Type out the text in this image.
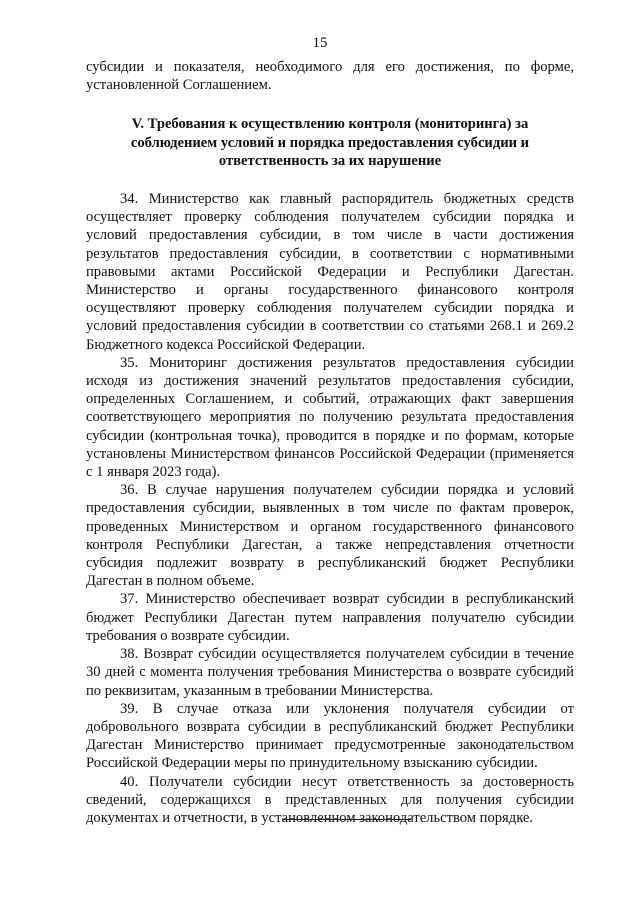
15

субсидии и показателя, необходимого для его достижения, по форме, установленной Соглашением.

V. Требования к осуществлению контроля (мониторинга) за
соблюдением условий и порядка предоставления субсидии и
ответственность за их нарушение

34. Министерство как главный распорядитель бюджетных средств осуществляет проверку соблюдения получателем субсидии порядка и условий предоставления субсидии, в том числе в части достижения результатов предоставления субсидии, в соответствии с нормативными правовыми актами Российской Федерации и Республики Дагестан. Министерство и органы государственного финансового контроля осуществляют проверку соблюдения получателем субсидии порядка и условий предоставления субсидии в соответствии со статьями 268.1 и 269.2 Бюджетного кодекса Российской Федерации.

35. Мониторинг достижения результатов предоставления субсидии исходя из достижения значений результатов предоставления субсидии, определенных Соглашением, и событий, отражающих факт завершения соответствующего мероприятия по получению результата предоставления субсидии (контрольная точка), проводится в порядке и по формам, которые установлены Министерством финансов Российской Федерации (применяется с 1 января 2023 года).

36. В случае нарушения получателем субсидии порядка и условий предоставления субсидии, выявленных в том числе по фактам проверок, проведенных Министерством и органом государственного финансового контроля Республики Дагестан, а также непредставления отчетности субсидия подлежит возврату в республиканский бюджет Республики Дагестан в полном объеме.

37. Министерство обеспечивает возврат субсидии в республиканский бюджет Республики Дагестан путем направления получателю субсидии требования о возврате субсидии.

38. Возврат субсидии осуществляется получателем субсидии в течение 30 дней с момента получения требования Министерства о возврате субсидий по реквизитам, указанным в требовании Министерства.

39. В случае отказа или уклонения получателя субсидии от добровольного возврата субсидии в республиканский бюджет Республики Дагестан Министерство принимает предусмотренные законодательством Российской Федерации меры по принудительному взысканию субсидии.

40. Получатели субсидии несут ответственность за достоверность сведений, содержащихся в представленных для получения субсидии документах и отчетности, в установленном законодательством порядке.
